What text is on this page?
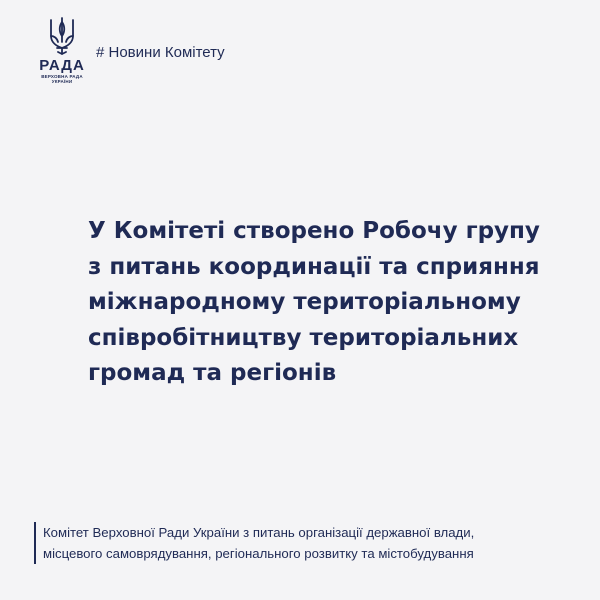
РАДА
ВЕРХОВНА РАДА
УКРАЇНИ
# Новини Комітету
У Комітеті створено Робочу групу
з питань координації та сприяння
міжнародному територіальному
співробітництву територіальних
громад та регіонів
Комітет Верховної Ради України з питань організації державної влади,
місцевого самоврядування, регіонального розвитку та містобудування
